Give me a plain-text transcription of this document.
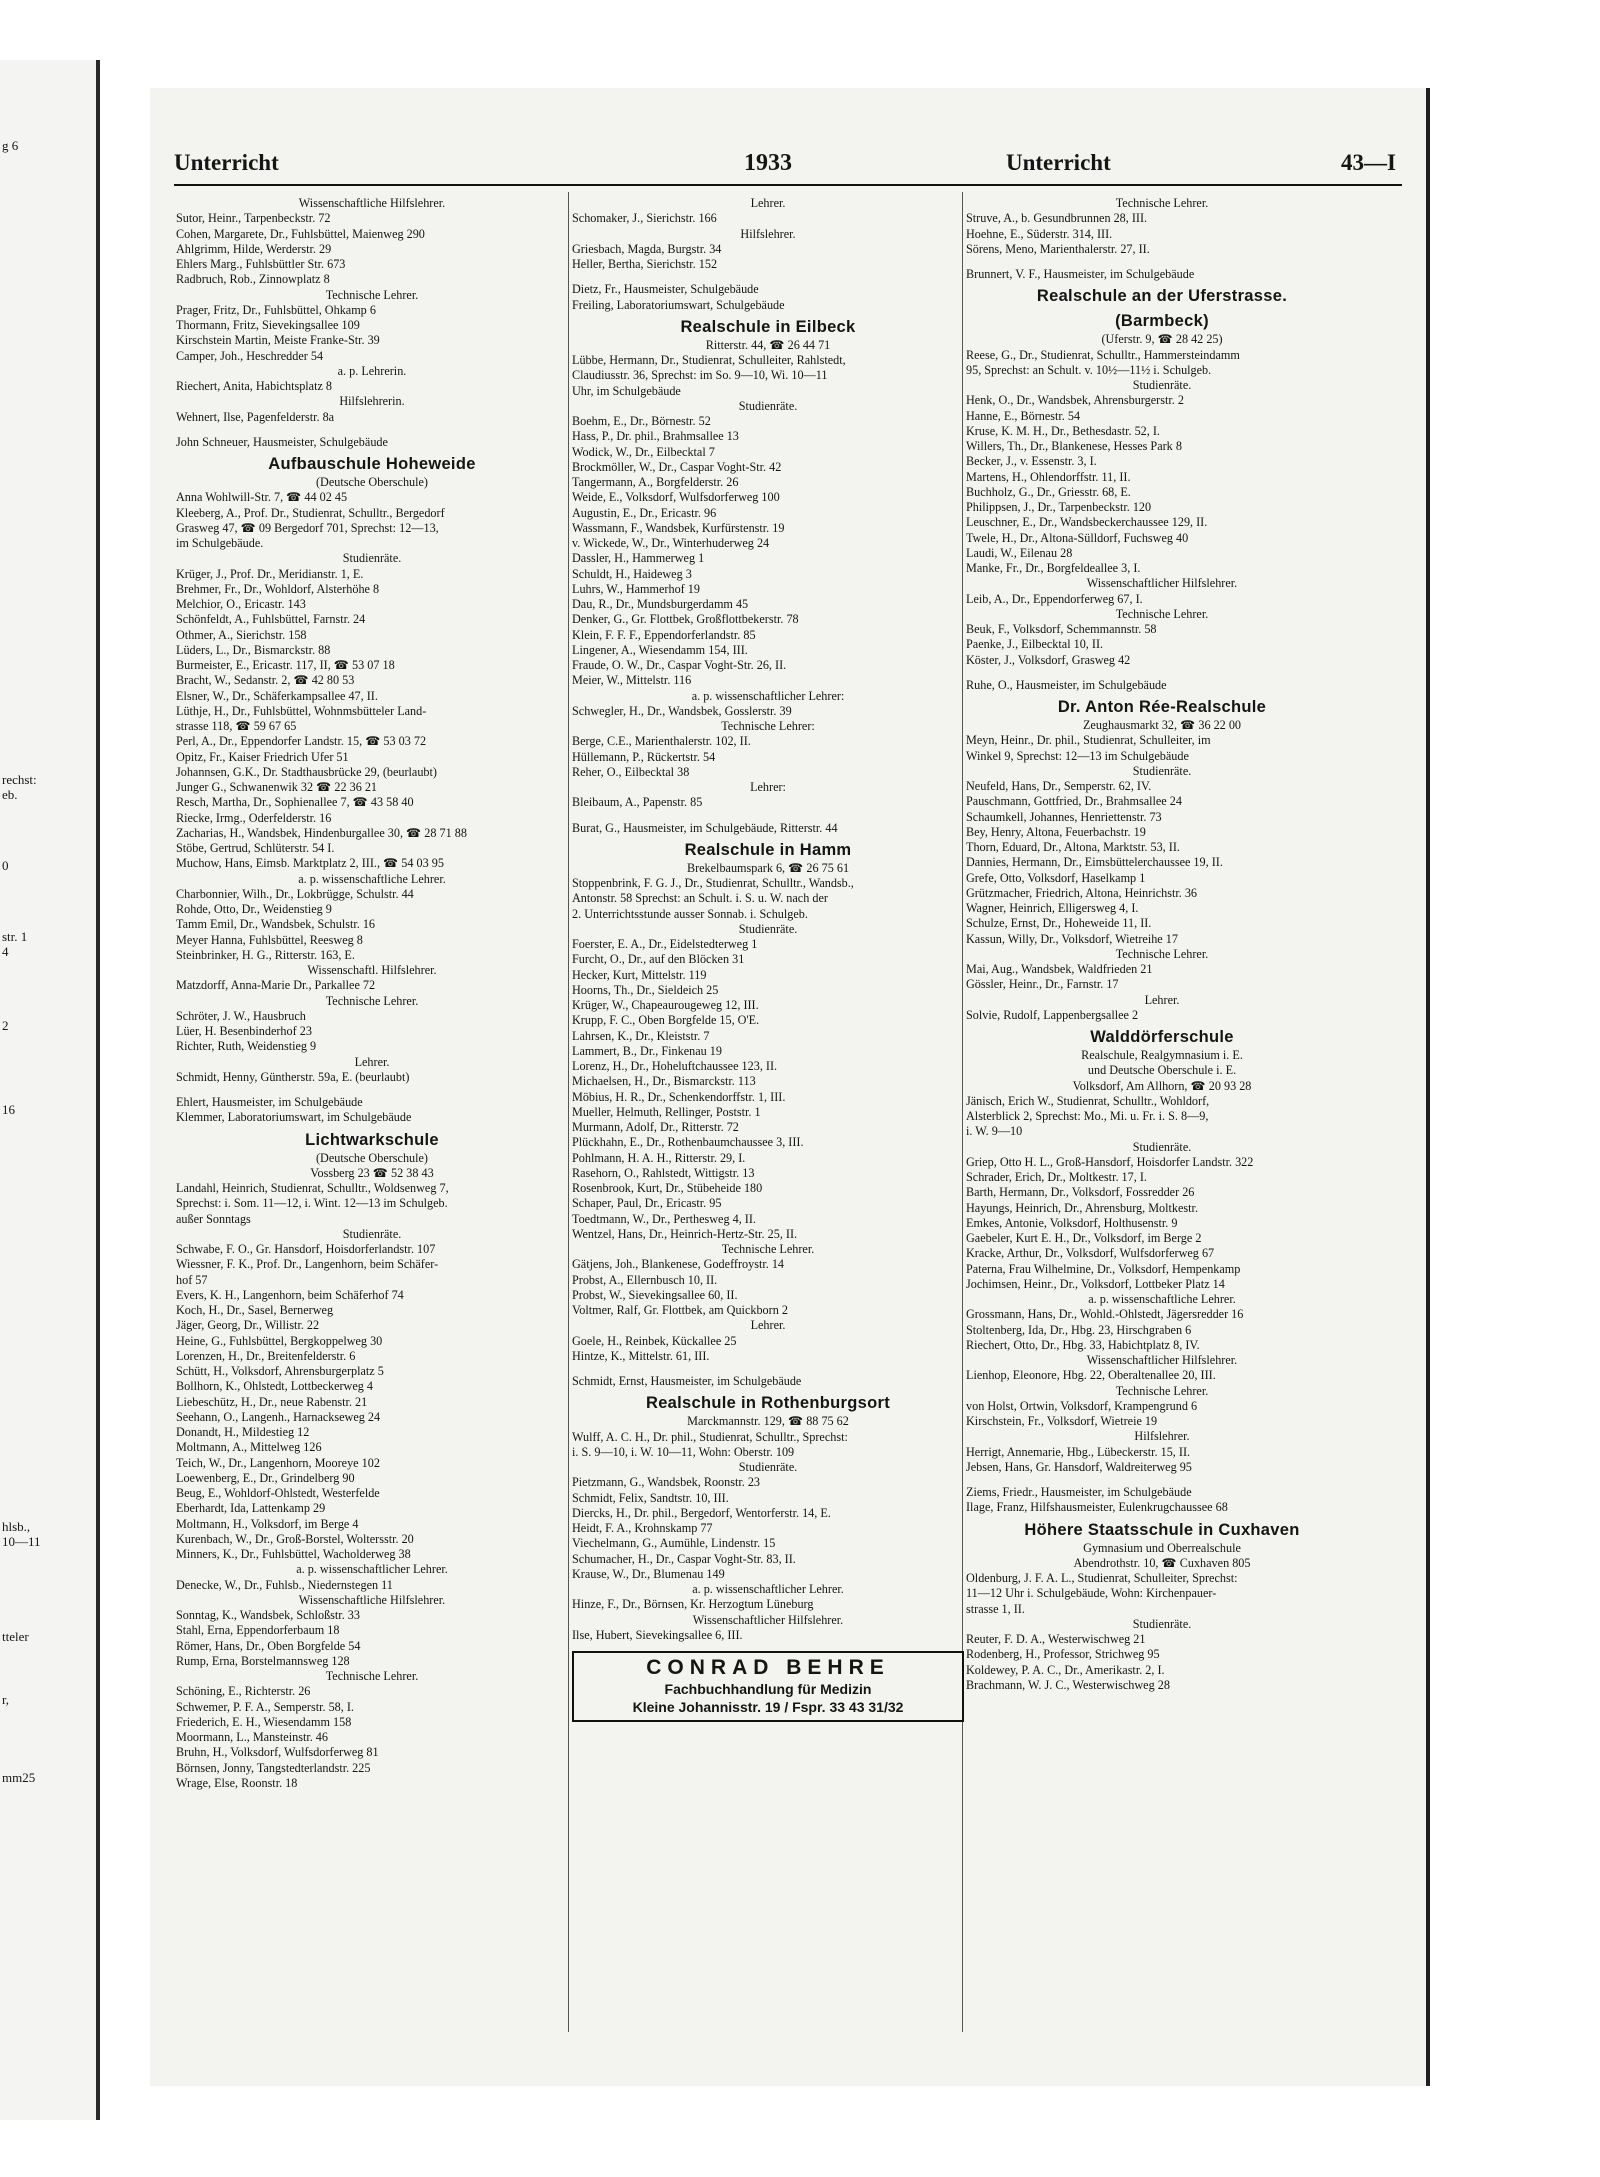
g 6
rechst:
eb.
0
str. 1
4
2
16
hlsb.,
10—11
tteler
r,
mm25
Unterricht	1933	Unterricht	43—I
Wissenschaftliche Hilfslehrer.
Sutor, Heinr., Tarpenbeckstr. 72
Cohen, Margarete, Dr., Fuhlsbüttel, Maienweg 290
Ahlgrimm, Hilde, Werderstr. 29
Ehlers Marg., Fuhlsbüttler Str. 673
Radbruch, Rob., Zinnowplatz 8
Technische Lehrer.
Prager, Fritz, Dr., Fuhlsbüttel, Ohkamp 6
Thormann, Fritz, Sievekingsallee 109
Kirschstein Martin, Meiste Franke-Str. 39
Camper, Joh., Heschredder 54
a. p. Lehrerin.
Riechert, Anita, Habichtsplatz 8
Hilfslehrerin.
Wehnert, Ilse, Pagenfelderstr. 8a
John Schneuer, Hausmeister, Schulgebäude
Aufbauschule Hoheweide
(Deutsche Oberschule)
Anna Wohlwill-Str. 7, ☎ 44 02 45
Kleeberg, A., Prof. Dr., Studienrat, Schulltr., Bergedorf
Grasweg 47, ☎ 09 Bergedorf 701, Sprechst: 12—13,
im Schulgebäude.
Studienräte.
Krüger, J., Prof. Dr., Meridianstr. 1, E.
Brehmer, Fr., Dr., Wohldorf, Alsterhöhe 8
Melchior, O., Ericastr. 143
Schönfeldt, A., Fuhlsbüttel, Farnstr. 24
Othmer, A., Sierichstr. 158
Lüders, L., Dr., Bismarckstr. 88
Burmeister, E., Ericastr. 117, II, ☎ 53 07 18
Bracht, W., Sedanstr. 2, ☎ 42 80 53
Elsner, W., Dr., Schäferkampsallee 47, II.
Lüthje, H., Dr., Fuhlsbüttel, Wohnmsbütteler Land-
strasse 118, ☎ 59 67 65
Perl, A., Dr., Eppendorfer Landstr. 15, ☎ 53 03 72
Opitz, Fr., Kaiser Friedrich Ufer 51
Johannsen, G.K., Dr. Stadthausbrücke 29, (beurlaubt)
Junger G., Schwanenwik 32 ☎ 22 36 21
Resch, Martha, Dr., Sophienallee 7, ☎ 43 58 40
Riecke, Irmg., Oderfelderstr. 16
Zacharias, H., Wandsbek, Hindenburgallee 30, ☎ 28 71 88
Stöbe, Gertrud, Schlüterstr. 54 I.
Muchow, Hans, Eimsb. Marktplatz 2, III., ☎ 54 03 95
a. p. wissenschaftliche Lehrer.
Charbonnier, Wilh., Dr., Lokbrügge, Schulstr. 44
Rohde, Otto, Dr., Weidenstieg 9
Tamm Emil, Dr., Wandsbek, Schulstr. 16
Meyer Hanna, Fuhlsbüttel, Reesweg 8
Steinbrinker, H. G., Ritterstr. 163, E.
Wissenschaftl. Hilfslehrer.
Matzdorff, Anna-Marie Dr., Parkallee 72
Technische Lehrer.
Schröter, J. W., Hausbruch
Lüer, H. Besenbinderhof 23
Richter, Ruth, Weidenstieg 9
Lehrer.
Schmidt, Henny, Güntherstr. 59a, E. (beurlaubt)
Ehlert, Hausmeister, im Schulgebäude
Klemmer, Laboratoriumswart, im Schulgebäude
Lichtwarkschule
(Deutsche Oberschule)
Vossberg 23 ☎ 52 38 43
Landahl, Heinrich, Studienrat, Schulltr., Woldsenweg 7,
Sprechst: i. Som. 11—12, i. Wint. 12—13 im Schulgeb.
außer Sonntags
Studienräte.
Schwabe, F. O., Gr. Hansdorf, Hoisdorferlandstr. 107
Wiessner, F. K., Prof. Dr., Langenhorn, beim Schäfer-
hof 57
Evers, K. H., Langenhorn, beim Schäferhof 74
Koch, H., Dr., Sasel, Bernerweg
Jäger, Georg, Dr., Willistr. 22
Heine, G., Fuhlsbüttel, Bergkoppelweg 30
Lorenzen, H., Dr., Breitenfelderstr. 6
Schütt, H., Volksdorf, Ahrensburgerplatz 5
Bollhorn, K., Ohlstedt, Lottbeckerweg 4
Liebeschütz, H., Dr., neue Rabenstr. 21
Seehann, O., Langenh., Harnackseweg 24
Donandt, H., Mildestieg 12
Moltmann, A., Mittelweg 126
Teich, W., Dr., Langenhorn, Mooreye 102
Loewenberg, E., Dr., Grindelberg 90
Beug, E., Wohldorf-Ohlstedt, Westerfelde
Eberhardt, Ida, Lattenkamp 29
Moltmann, H., Volksdorf, im Berge 4
Kurenbach, W., Dr., Groß-Borstel, Woltersstr. 20
Minners, K., Dr., Fuhlsbüttel, Wacholderweg 38
a. p. wissenschaftlicher Lehrer.
Denecke, W., Dr., Fuhlsb., Niedernstegen 11
Wissenschaftliche Hilfslehrer.
Sonntag, K., Wandsbek, Schloßstr. 33
Stahl, Erna, Eppendorferbaum 18
Römer, Hans, Dr., Oben Borgfelde 54
Rump, Erna, Borstelmannsweg 128
Technische Lehrer.
Schöning, E., Richterstr. 26
Schwemer, P. F. A., Semperstr. 58, I.
Friederich, E. H., Wiesendamm 158
Moormann, L., Mansteinstr. 46
Bruhn, H., Volksdorf, Wulfsdorferweg 81
Börnsen, Jonny, Tangstedterlandstr. 225
Wrage, Else, Roonstr. 18
Lehrer.
Schomaker, J., Sierichstr. 166
Hilfslehrer.
Griesbach, Magda, Burgstr. 34
Heller, Bertha, Sierichstr. 152
Dietz, Fr., Hausmeister, Schulgebäude
Freiling, Laboratoriumswart, Schulgebäude
Realschule in Eilbeck
Ritterstr. 44, ☎ 26 44 71
Lübbe, Hermann, Dr., Studienrat, Schulleiter, Rahlstedt,
Claudiusstr. 36, Sprechst: im So. 9—10, Wi. 10—11
Uhr, im Schulgebäude
Studienräte.
Boehm, E., Dr., Börnestr. 52
Hass, P., Dr. phil., Brahmsallee 13
Wodick, W., Dr., Eilbecktal 7
Brockmöller, W., Dr., Caspar Voght-Str. 42
Tangermann, A., Borgfelderstr. 26
Weide, E., Volksdorf, Wulfsdorferweg 100
Augustin, E., Dr., Ericastr. 96
Wassmann, F., Wandsbek, Kurfürstenstr. 19
v. Wickede, W., Dr., Winterhuderweg 24
Dassler, H., Hammerweg 1
Schuldt, H., Haideweg 3
Luhrs, W., Hammerhof 19
Dau, R., Dr., Mundsburgerdamm 45
Denker, G., Gr. Flottbek, Großflottbekerstr. 78
Klein, F. F. F., Eppendorferlandstr. 85
Lingener, A., Wiesendamm 154, III.
Fraude, O. W., Dr., Caspar Voght-Str. 26, II.
Meier, W., Mittelstr. 116
a. p. wissenschaftlicher Lehrer:
Schwegler, H., Dr., Wandsbek, Gosslerstr. 39
Technische Lehrer:
Berge, C.E., Marienthalerstr. 102, II.
Hüllemann, P., Rückertstr. 54
Reher, O., Eilbecktal 38
Lehrer:
Bleibaum, A., Papenstr. 85
Burat, G., Hausmeister, im Schulgebäude, Ritterstr. 44
Realschule in Hamm
Brekelbaumspark 6, ☎ 26 75 61
Stoppenbrink, F. G. J., Dr., Studienrat, Schulltr., Wandsb.,
Antonstr. 58 Sprechst: an Schult. i. S. u. W. nach der
2. Unterrichtsstunde ausser Sonnab. i. Schulgeb.
Studienräte.
Foerster, E. A., Dr., Eidelstedterweg 1
Furcht, O., Dr., auf den Blöcken 31
Hecker, Kurt, Mittelstr. 119
Hoorns, Th., Dr., Sieldeich 25
Krüger, W., Chapeaurougeweg 12, III.
Krupp, F. C., Oben Borgfelde 15, O'E.
Lahrsen, K., Dr., Kleiststr. 7
Lammert, B., Dr., Finkenau 19
Lorenz, H., Dr., Hoheluftchaussee 123, II.
Michaelsen, H., Dr., Bismarckstr. 113
Möbius, H. R., Dr., Schenkendorffstr. 1, III.
Mueller, Helmuth, Rellinger, Poststr. 1
Murmann, Adolf, Dr., Ritterstr. 72
Plückhahn, E., Dr., Rothenbaumchaussee 3, III.
Pohlmann, H. A. H., Ritterstr. 29, I.
Rasehorn, O., Rahlstedt, Wittigstr. 13
Rosenbrook, Kurt, Dr., Stübeheide 180
Schaper, Paul, Dr., Ericastr. 95
Toedtmann, W., Dr., Perthesweg 4, II.
Wentzel, Hans, Dr., Heinrich-Hertz-Str. 25, II.
Technische Lehrer.
Gätjens, Joh., Blankenese, Godeffroystr. 14
Probst, A., Ellernbusch 10, II.
Probst, W., Sievekingsallee 60, II.
Voltmer, Ralf, Gr. Flottbek, am Quickborn 2
Lehrer.
Goele, H., Reinbek, Kückallee 25
Hintze, K., Mittelstr. 61, III.
Schmidt, Ernst, Hausmeister, im Schulgebäude
Realschule in Rothenburgsort
Marckmannstr. 129, ☎ 88 75 62
Wulff, A. C. H., Dr. phil., Studienrat, Schulltr., Sprechst:
i. S. 9—10, i. W. 10—11, Wohn: Oberstr. 109
Studienräte.
Pietzmann, G., Wandsbek, Roonstr. 23
Schmidt, Felix, Sandtstr. 10, III.
Diercks, H., Dr. phil., Bergedorf, Wentorferstr. 14, E.
Heidt, F. A., Krohnskamp 77
Viechelmann, G., Aumühle, Lindenstr. 15
Schumacher, H., Dr., Caspar Voght-Str. 83, II.
Krause, W., Dr., Blumenau 149
a. p. wissenschaftlicher Lehrer.
Hinze, F., Dr., Börnsen, Kr. Herzogtum Lüneburg
Wissenschaftlicher Hilfslehrer.
Ilse, Hubert, Sievekingsallee 6, III.
CONRAD BEHRE
Fachbuchhandlung für Medizin
Kleine Johannisstr. 19 / Fspr. 33 43 31/32
Technische Lehrer.
Struve, A., b. Gesundbrunnen 28, III.
Hoehne, E., Süderstr. 314, III.
Sörens, Meno, Marienthalerstr. 27, II.
Brunnert, V. F., Hausmeister, im Schulgebäude
Realschule an der Uferstrasse.
(Barmbeck)
(Uferstr. 9, ☎ 28 42 25)
Reese, G., Dr., Studienrat, Schulltr., Hammersteindamm
95, Sprechst: an Schult. v. 10½—11½ i. Schulgeb.
Studienräte.
Henk, O., Dr., Wandsbek, Ahrensburgerstr. 2
Hanne, E., Börnestr. 54
Kruse, K. M. H., Dr., Bethesdastr. 52, I.
Willers, Th., Dr., Blankenese, Hesses Park 8
Becker, J., v. Essenstr. 3, I.
Martens, H., Ohlendorffstr. 11, II.
Buchholz, G., Dr., Griesstr. 68, E.
Philippsen, J., Dr., Tarpenbeckstr. 120
Leuschner, E., Dr., Wandsbeckerchaussee 129, II.
Twele, H., Dr., Altona-Sülldorf, Fuchsweg 40
Laudi, W., Eilenau 28
Manke, Fr., Dr., Borgfeldeallee 3, I.
Wissenschaftlicher Hilfslehrer.
Leib, A., Dr., Eppendorferweg 67, I.
Technische Lehrer.
Beuk, F., Volksdorf, Schemmannstr. 58
Paenke, J., Eilbecktal 10, II.
Köster, J., Volksdorf, Grasweg 42
Ruhe, O., Hausmeister, im Schulgebäude
Dr. Anton Rée-Realschule
Zeughausmarkt 32, ☎ 36 22 00
Meyn, Heinr., Dr. phil., Studienrat, Schulleiter, im
Winkel 9, Sprechst: 12—13 im Schulgebäude
Studienräte.
Neufeld, Hans, Dr., Semperstr. 62, IV.
Pauschmann, Gottfried, Dr., Brahmsallee 24
Schaumkell, Johannes, Henriettenstr. 73
Bey, Henry, Altona, Feuerbachstr. 19
Thorn, Eduard, Dr., Altona, Marktstr. 53, II.
Dannies, Hermann, Dr., Eimsbüttelerchaussee 19, II.
Grefe, Otto, Volksdorf, Haselkamp 1
Grützmacher, Friedrich, Altona, Heinrichstr. 36
Wagner, Heinrich, Elligersweg 4, I.
Schulze, Ernst, Dr., Hoheweide 11, II.
Kassun, Willy, Dr., Volksdorf, Wietreihe 17
Technische Lehrer.
Mai, Aug., Wandsbek, Waldfrieden 21
Gössler, Heinr., Dr., Farnstr. 17
Lehrer.
Solvie, Rudolf, Lappenbergsallee 2
Walddörferschule
Realschule, Realgymnasium i. E.
und Deutsche Oberschule i. E.
Volksdorf, Am Allhorn, ☎ 20 93 28
Jänisch, Erich W., Studienrat, Schulltr., Wohldorf,
Alsterblick 2, Sprechst: Mo., Mi. u. Fr. i. S. 8—9,
i. W. 9—10
Studienräte.
Griep, Otto H. L., Groß-Hansdorf, Hoisdorfer Landstr. 322
Schrader, Erich, Dr., Moltkestr. 17, I.
Barth, Hermann, Dr., Volksdorf, Fossredder 26
Hayungs, Heinrich, Dr., Ahrensburg, Moltkestr.
Emkes, Antonie, Volksdorf, Holthusenstr. 9
Gaebeler, Kurt E. H., Dr., Volksdorf, im Berge 2
Kracke, Arthur, Dr., Volksdorf, Wulfsdorferweg 67
Paterna, Frau Wilhelmine, Dr., Volksdorf, Hempenkamp
Jochimsen, Heinr., Dr., Volksdorf, Lottbeker Platz 14
a. p. wissenschaftliche Lehrer.
Grossmann, Hans, Dr., Wohld.-Ohlstedt, Jägersredder 16
Stoltenberg, Ida, Dr., Hbg. 23, Hirschgraben 6
Riechert, Otto, Dr., Hbg. 33, Habichtplatz 8, IV.
Wissenschaftlicher Hilfslehrer.
Lienhop, Eleonore, Hbg. 22, Oberaltenallee 20, III.
Technische Lehrer.
von Holst, Ortwin, Volksdorf, Krampengrund 6
Kirschstein, Fr., Volksdorf, Wietreie 19
Hilfslehrer.
Herrigt, Annemarie, Hbg., Lübeckerstr. 15, II.
Jebsen, Hans, Gr. Hansdorf, Waldreiterweg 95
Ziems, Friedr., Hausmeister, im Schulgebäude
Ilage, Franz, Hilfshausmeister, Eulenkrugchaussee 68
Höhere Staatsschule in Cuxhaven
Gymnasium und Oberrealschule
Abendrothstr. 10, ☎ Cuxhaven 805
Oldenburg, J. F. A. L., Studienrat, Schulleiter, Sprechst:
11—12 Uhr i. Schulgebäude, Wohn: Kirchenpauer-
strasse 1, II.
Studienräte.
Reuter, F. D. A., Westerwischweg 21
Rodenberg, H., Professor, Strichweg 95
Koldewey, P. A. C., Dr., Amerikastr. 2, I.
Brachmann, W. J. C., Westerwischweg 28
